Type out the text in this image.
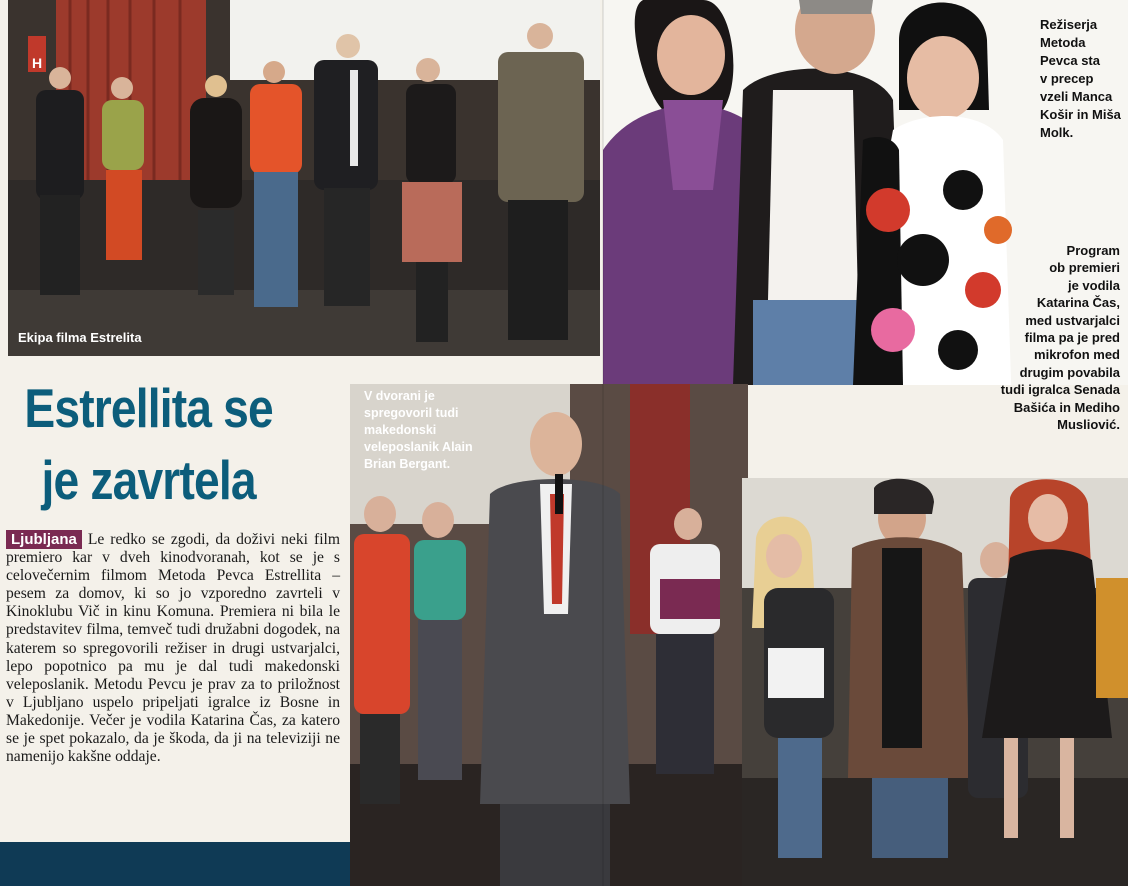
H
Ekipa filma Estrelita
Režiserja
Metoda
Pevca sta
v precep
vzeli Manca
Košir in Miša
Molk.
Program
ob premieri
je vodila
Katarina Čas,
med ustvarjalci
filma pa je pred
mikrofon med
drugim povabila
tudi igralca Senada
Bašića in Mediho
Musliović.
Estrellita se
je zavrtela
Ljubljana Le redko se zgodi, da doživi neki film premiero kar v dveh kinodvoranah, kot se je s celovečernim filmom Metoda Pevca Estrellita – pesem za domov, ki so jo vzporedno zavrteli v Kinoklubu Vič in kinu Komuna. Premiera ni bila le predstavitev filma, temveč tudi družabni dogodek, na katerem so spregovorili režiser in drugi ustvarjalci, lepo popotnico pa mu je dal tudi makedonski veleposlanik. Metodu Pevcu je prav za to priložnost v Ljubljano uspelo pripeljati igralce iz Bosne in Makedonije. Večer je vodila Katarina Čas, za katero se je spet pokazalo, da je škoda, da ji na televiziji ne namenijo kakšne oddaje.
V dvorani je
spregovoril tudi
makedonski
veleposlanik Alain
Brian Bergant.
